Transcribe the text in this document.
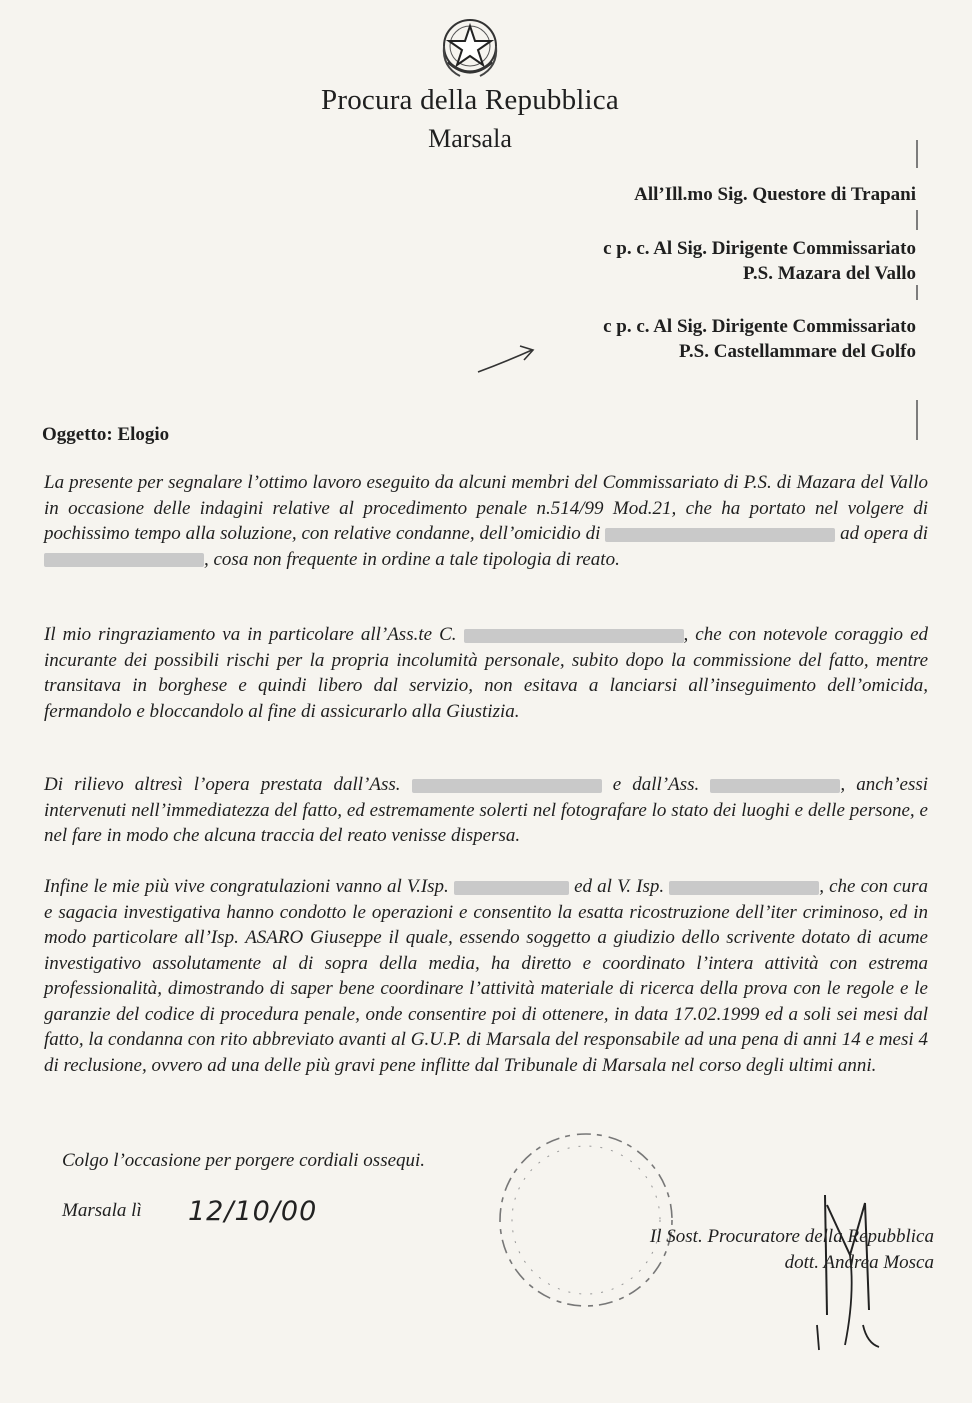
Procura della Repubblica
Marsala
All’Ill.mo Sig. Questore di Trapani
c p. c. Al Sig. Dirigente Commissariato
P.S. Mazara del Vallo
c p. c. Al Sig. Dirigente Commissariato
P.S. Castellammare del Golfo
Oggetto: Elogio
La presente per segnalare l’ottimo lavoro eseguito da alcuni membri del Commissariato di P.S. di Mazara del Vallo in occasione delle indagini relative al procedimento penale n.514/99 Mod.21, che ha portato nel volgere di pochissimo tempo alla soluzione, con relative condanne, dell’omicidio di	ad opera di , cosa non frequente in ordine a tale tipologia di reato.
Il mio ringraziamento va in particolare all’Ass.te C.	, che con notevole coraggio ed incurante dei possibili rischi per la propria incolumità personale, subito dopo la commissione del fatto, mentre transitava in borghese e quindi libero dal servizio, non esitava a lanciarsi all’inseguimento dell’omicida, fermandolo e bloccandolo al fine di assicurarlo alla Giustizia.
Di rilievo altresì l’opera prestata dall’Ass.	e dall’Ass.	, anch’essi intervenuti nell’immediatezza del fatto, ed estremamente solerti nel fotografare lo stato dei luoghi e delle persone, e nel fare in modo che alcuna traccia del reato venisse dispersa.
Infine le mie più vive congratulazioni vanno al V.Isp.	ed al V. Isp.	, che con cura e sagacia investigativa hanno condotto le operazioni e consentito la esatta ricostruzione dell’iter criminoso, ed in modo particolare all’Isp. ASARO Giuseppe il quale, essendo soggetto a giudizio dello scrivente dotato di acume investigativo assolutamente al di sopra della media, ha diretto e coordinato l’intera attività con estrema professionalità, dimostrando di saper bene coordinare l’attività materiale di ricerca della prova con le regole e le garanzie del codice di procedura penale, onde consentire poi di ottenere, in data 17.02.1999 ed a soli sei mesi dal fatto, la condanna con rito abbreviato avanti al G.U.P. di Marsala del responsabile ad una pena di anni 14 e mesi 4 di reclusione, ovvero ad una delle più gravi pene inflitte dal Tribunale di Marsala nel corso degli ultimi anni.
Colgo l’occasione per porgere cordiali ossequi.
Marsala lì 12/10/00
Il Sost. Procuratore della Repubblica
dott. Andrea Mosca
